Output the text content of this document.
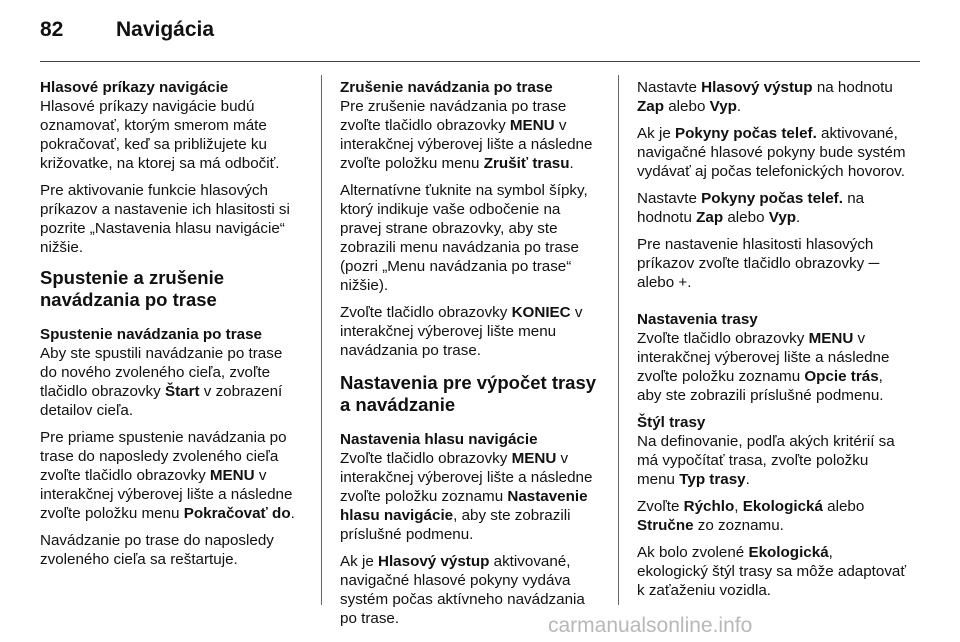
82	Navigácia

Hlasové príkazy navigácie

Hlasové príkazy navigácie budú oznamovať, ktorým smerom máte pokračovať, keď sa približujete ku križovatke, na ktorej sa má odbočiť.

Pre aktivovanie funkcie hlasových príkazov a nastavenie ich hlasitosti si pozrite „Nastavenia hlasu navigácie“ nižšie.

Spustenie a zrušenie navádzania po trase

Spustenie navádzania po trase

Aby ste spustili navádzanie po trase do nového zvoleného cieľa, zvoľte tlačidlo obrazovky Štart v zobrazení detailov cieľa.

Pre priame spustenie navádzania po trase do naposledy zvoleného cieľa zvoľte tlačidlo obrazovky MENU v interakčnej výberovej lište a následne zvoľte položku menu Pokračovať do.

Navádzanie po trase do naposledy zvoleného cieľa sa reštartuje.

Zrušenie navádzania po trase

Pre zrušenie navádzania po trase zvoľte tlačidlo obrazovky MENU v interakčnej výberovej lište a následne zvoľte položku menu Zrušiť trasu.

Alternatívne ťuknite na symbol šípky, ktorý indikuje vaše odbočenie na pravej strane obrazovky, aby ste zobrazili menu navádzania po trase (pozri „Menu navádzania po trase“ nižšie).

Zvoľte tlačidlo obrazovky KONIEC v interakčnej výberovej lište menu navádzania po trase.

Nastavenia pre výpočet trasy a navádzanie

Nastavenia hlasu navigácie

Zvoľte tlačidlo obrazovky MENU v interakčnej výberovej lište a následne zvoľte položku zoznamu Nastavenie hlasu navigácie, aby ste zobrazili príslušné podmenu.

Ak je Hlasový výstup aktivované, navigačné hlasové pokyny vydáva systém počas aktívneho navádzania po trase.

Nastavte Hlasový výstup na hodnotu Zap alebo Vyp.

Ak je Pokyny počas telef. aktivované, navigačné hlasové pokyny bude systém vydávať aj počas telefonických hovorov.

Nastavte Pokyny počas telef. na hodnotu Zap alebo Vyp.

Pre nastavenie hlasitosti hlasových príkazov zvoľte tlačidlo obrazovky ─ alebo +.

Nastavenia trasy

Zvoľte tlačidlo obrazovky MENU v interakčnej výberovej lište a následne zvoľte položku zoznamu Opcie trás, aby ste zobrazili príslušné podmenu.

Štýl trasy

Na definovanie, podľa akých kritérií sa má vypočítať trasa, zvoľte položku menu Typ trasy.

Zvoľte Rýchlo, Ekologická alebo Stručne zo zoznamu.

Ak bolo zvolené Ekologická, ekologický štýl trasy sa môže adaptovať k zaťaženiu vozidla.

carmanualsonline.info
